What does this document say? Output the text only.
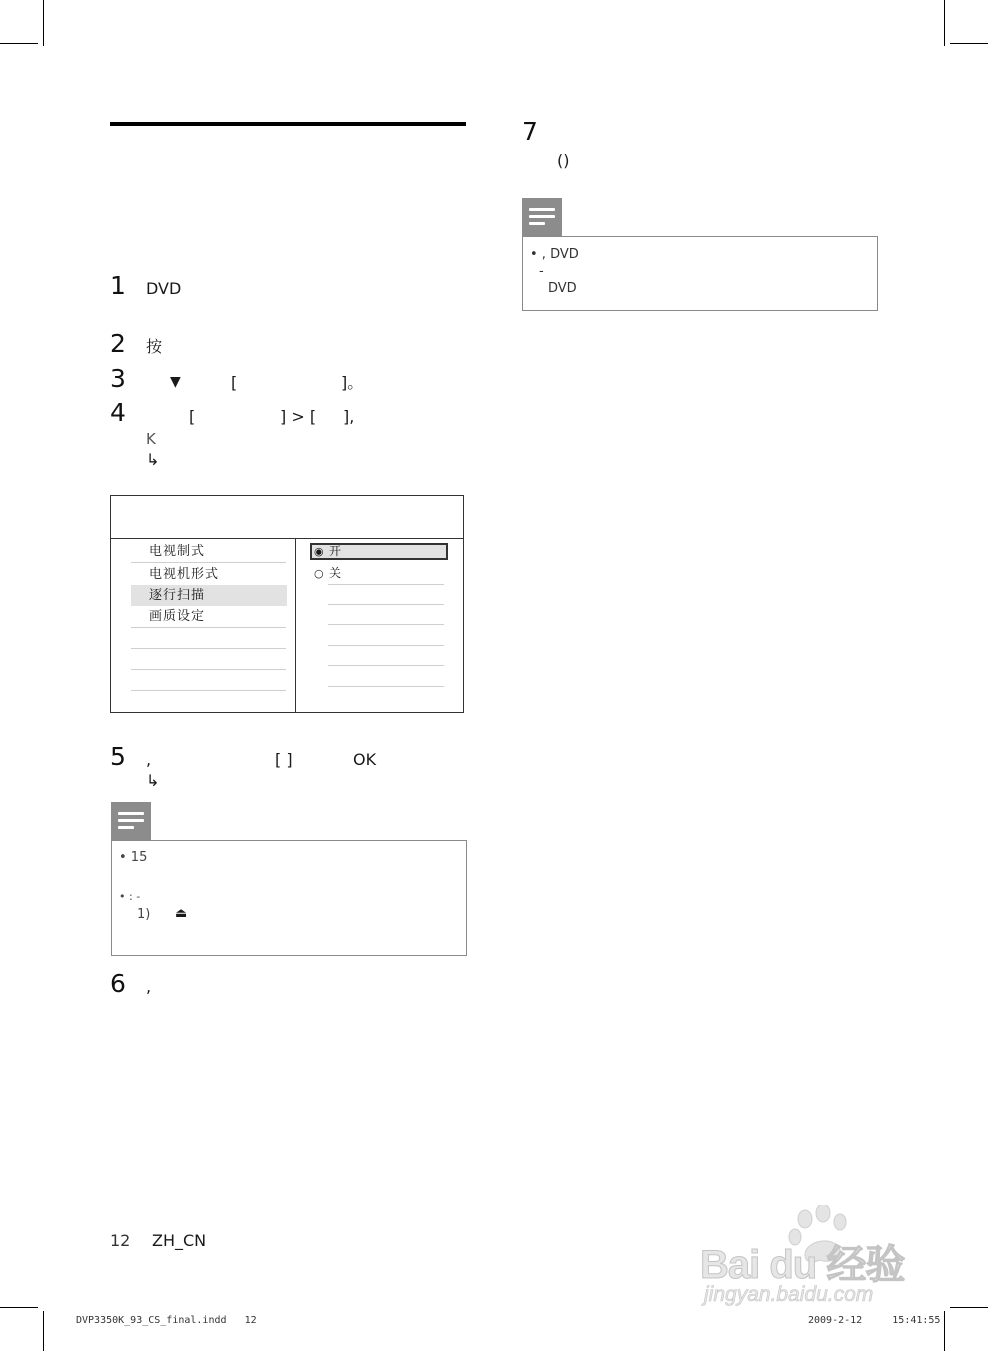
1 DVD
2 按
3	▼	[	]。
4	[	] > [ ],
K
↳
电视制式
电视机形式
逐行扫描
画质设定
◉ 开
○ 关
5 ,	[ ]	OK
↳
• 15
• : -
1) ⏏
6 ,
7
()
• , DVD
-
DVD
12 ZH_CN
DVP3350K_93_CS_final.indd   12	2009-2-12     15:41:55
Bai du 经验
jingyan.baidu.com
